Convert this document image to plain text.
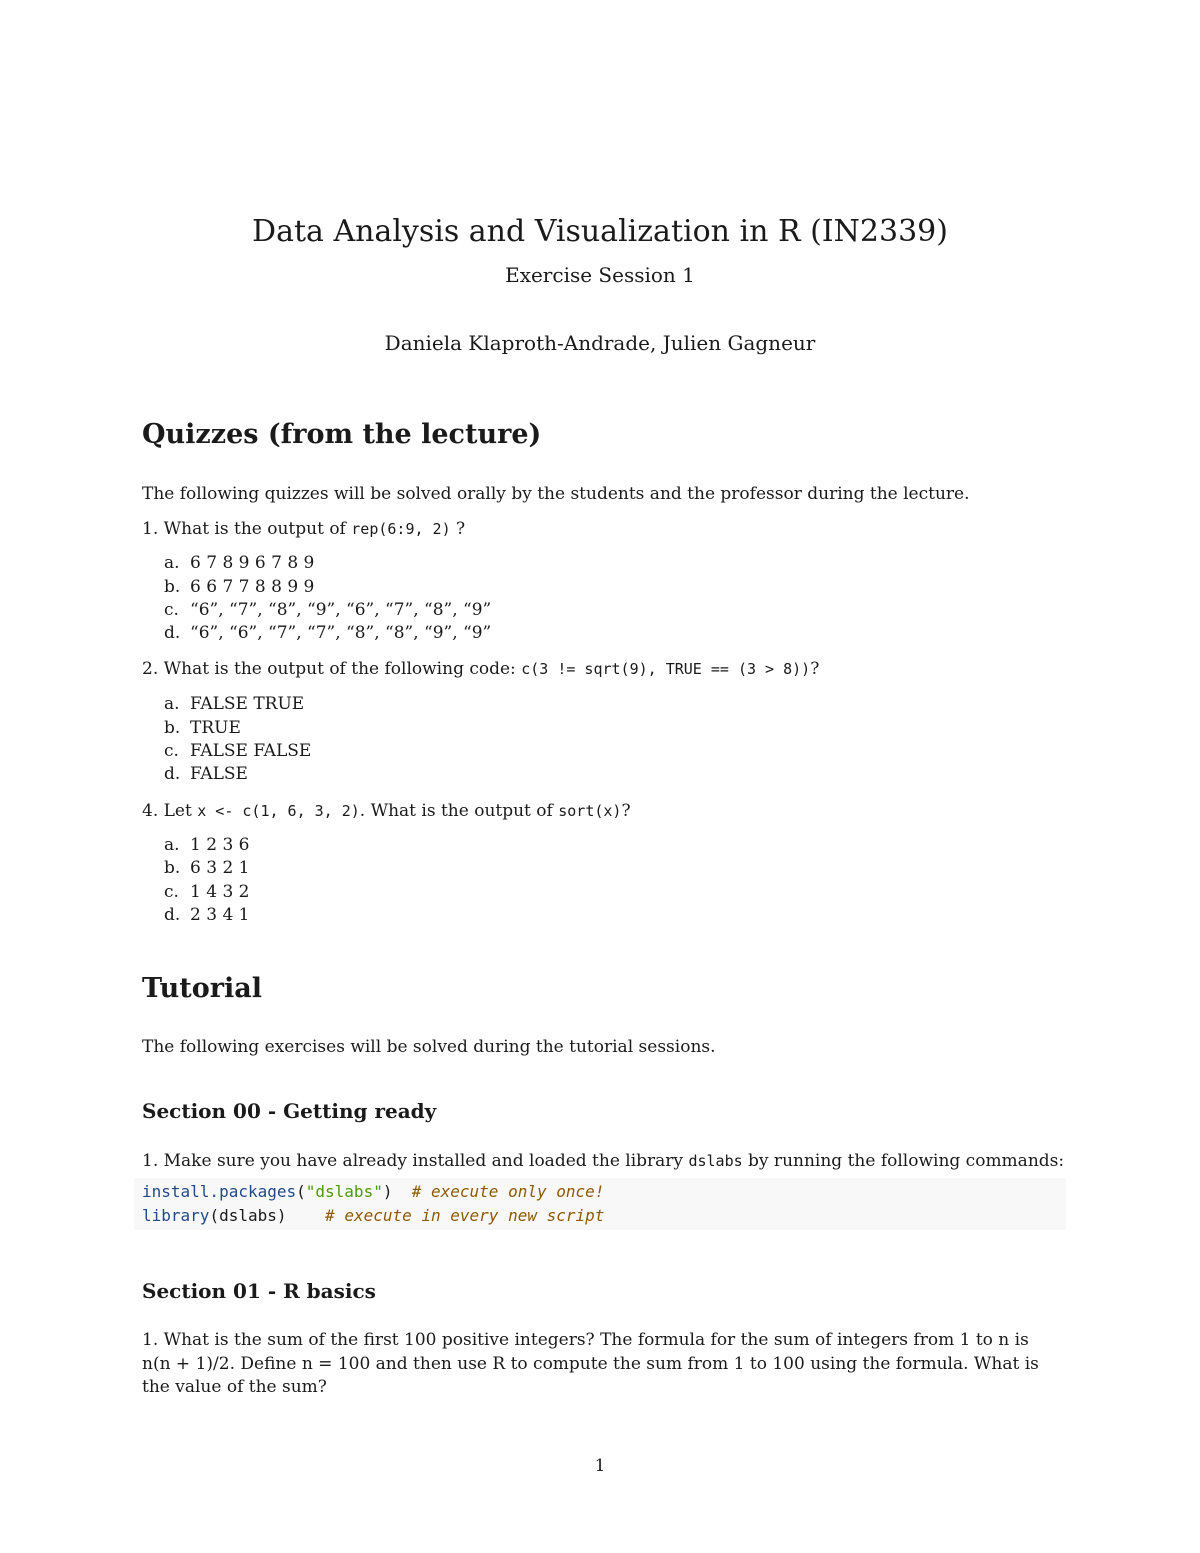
Data Analysis and Visualization in R (IN2339)
Exercise Session 1
Daniela Klaproth-Andrade, Julien Gagneur
Quizzes (from the lecture)
The following quizzes will be solved orally by the students and the professor during the lecture.
1. What is the output of rep(6:9, 2) ?
a. 6 7 8 9 6 7 8 9
b. 6 6 7 7 8 8 9 9
c. “6”, “7”, “8”, “9”, “6”, “7”, “8”, “9”
d. “6”, “6”, “7”, “7”, “8”, “8”, “9”, “9”
2. What is the output of the following code: c(3 != sqrt(9), TRUE == (3 > 8))?
a. FALSE TRUE
b. TRUE
c. FALSE FALSE
d. FALSE
4. Let x <- c(1, 6, 3, 2). What is the output of sort(x)?
a. 1 2 3 6
b. 6 3 2 1
c. 1 4 3 2
d. 2 3 4 1
Tutorial
The following exercises will be solved during the tutorial sessions.
Section 00 - Getting ready
1. Make sure you have already installed and loaded the library dslabs by running the following commands:
install.packages("dslabs") # execute only once!
library(dslabs) # execute in every new script
Section 01 - R basics
1. What is the sum of the first 100 positive integers? The formula for the sum of integers from 1 to n is
n(n + 1)/2. Define n = 100 and then use R to compute the sum from 1 to 100 using the formula. What is
the value of the sum?
1
